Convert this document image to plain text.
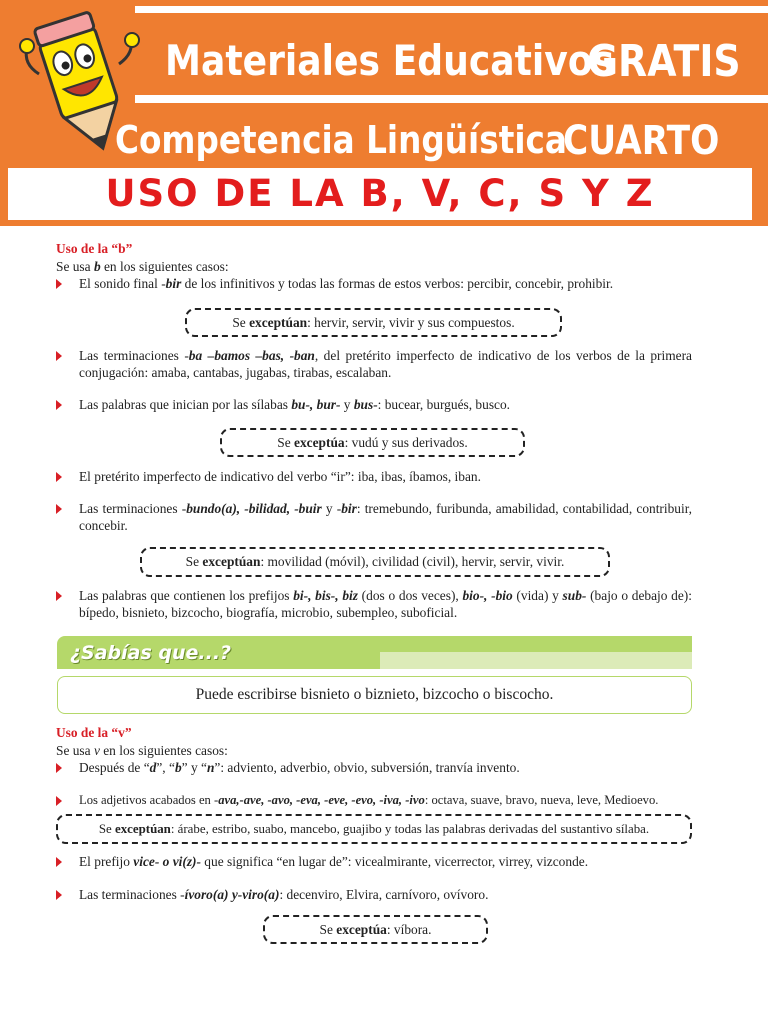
Materiales Educativos
GRATIS
Competencia Lingüística
CUARTO
USO DE LA B, V, C, S Y Z
Uso de la “b”
Se usa b en los siguientes casos:
El sonido final -bir de los infinitivos y todas las formas de estos verbos: percibir, concebir, prohibir.
Se exceptúan: hervir, servir, vivir y sus compuestos.
Las terminaciones -ba –bamos –bas, -ban, del pretérito imperfecto de indicativo de los verbos de la primera conjugación: amaba, cantabas, jugabas, tirabas, escalaban.
Las palabras que inician por las sílabas bu-, bur- y bus-: bucear, burgués, busco.
Se exceptúa: vudú y sus derivados.
El pretérito imperfecto de indicativo del verbo “ir”: iba, ibas, íbamos, iban.
Las terminaciones -bundo(a), -bilidad, -buir y -bir: tremebundo, furibunda, amabilidad, contabilidad, contribuir, concebir.
Se exceptúan: movilidad (móvil), civilidad (civil), hervir, servir, vivir.
Las palabras que contienen los prefijos bi-, bis-, biz (dos o dos veces), bio-, -bio (vida) y sub- (bajo o debajo de): bípedo, bisnieto, bizcocho, biografía, microbio, subempleo, suboficial.
¿Sabías que...?
Puede escribirse bisnieto o biznieto, bizcocho o biscocho.
Uso de la “v”
Se usa v en los siguientes casos:
Después de “d”, “b” y “n”: adviento, adverbio, obvio, subversión, tranvía invento.
Los adjetivos acabados en -ava,-ave, -avo, -eva, -eve, -evo, -iva, -ivo: octava, suave, bravo, nueva, leve, Medioevo.
Se exceptúan: árabe, estribo, suabo, mancebo, guajibo y todas las palabras derivadas del sustantivo sílaba.
El prefijo vice- o vi(z)- que significa “en lugar de”: vicealmirante, vicerrector, virrey, vizconde.
Las terminaciones -ívoro(a) y-viro(a): decenviro, Elvira, carnívoro, ovívoro.
Se exceptúa: víbora.
